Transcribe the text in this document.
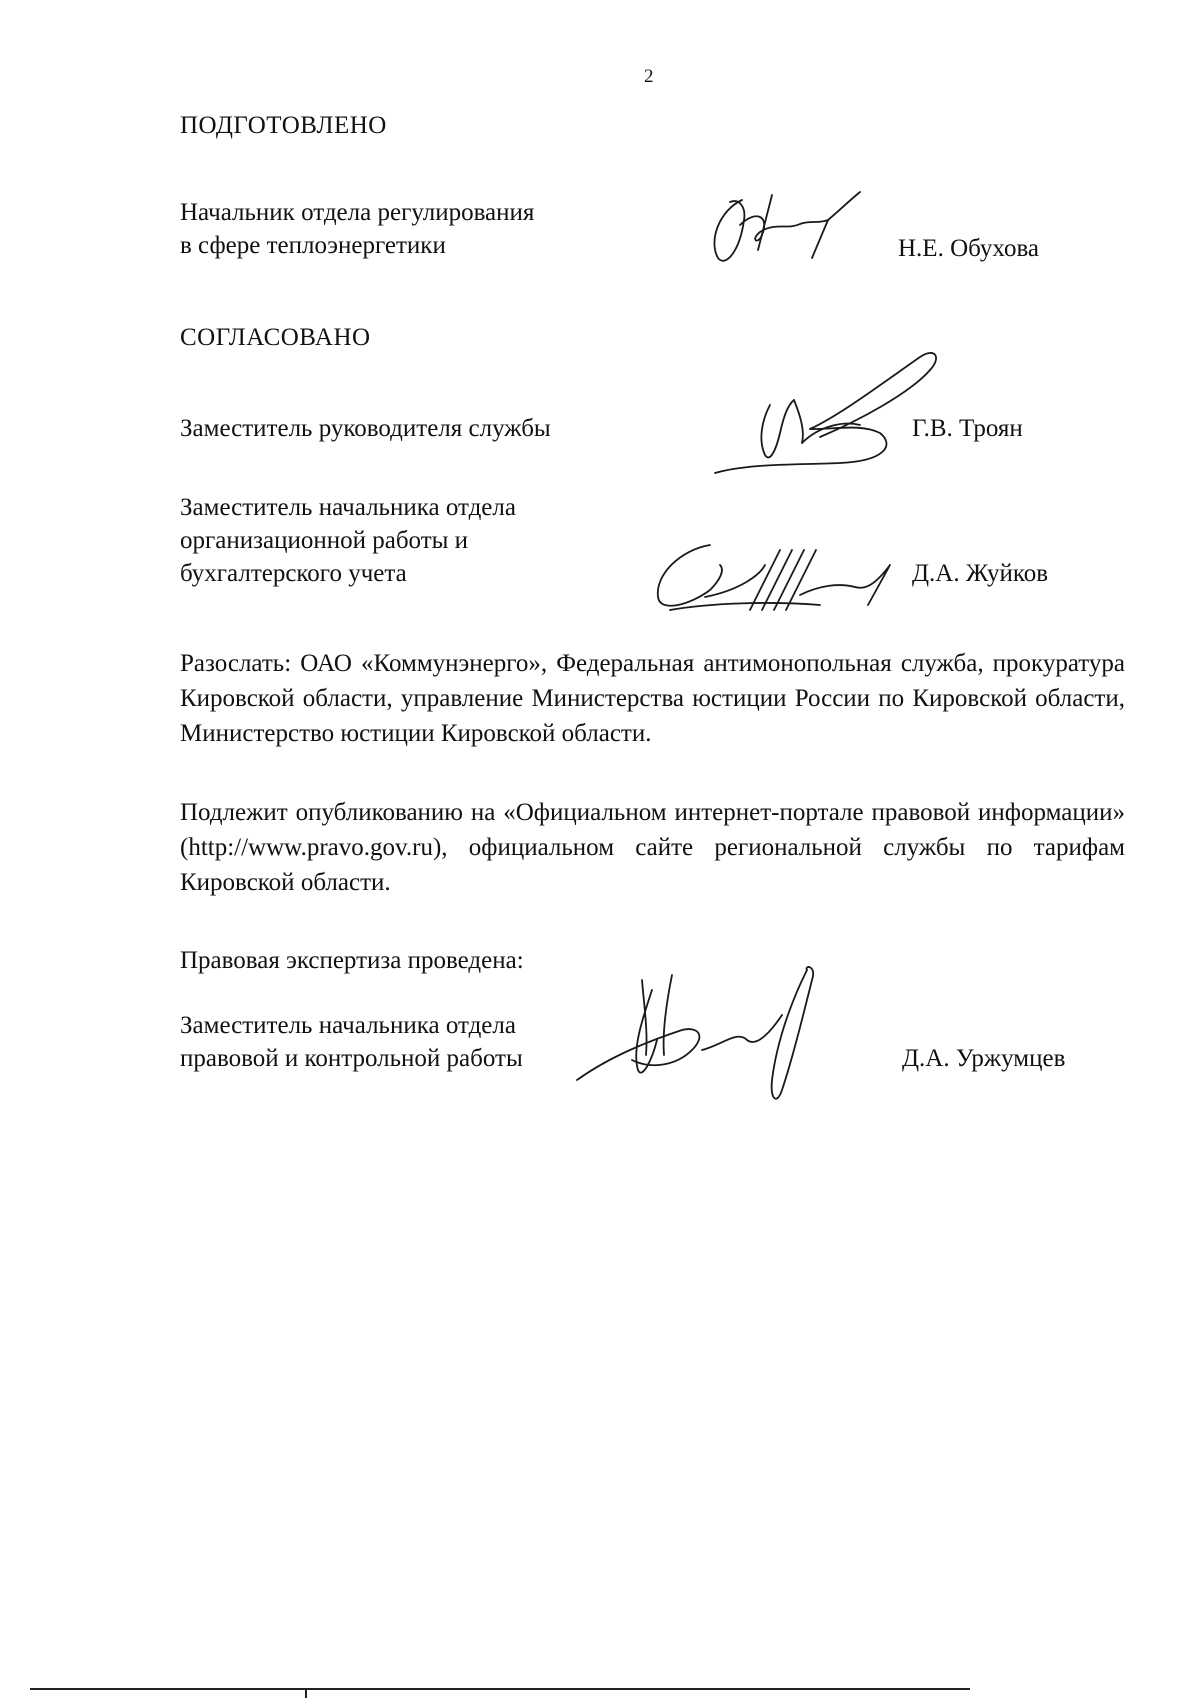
2
ПОДГОТОВЛЕНО
Начальник отдела регулирования
в сфере теплоэнергетики	Н.Е. Обухова
СОГЛАСОВАНО
Заместитель руководителя службы	Г.В. Троян
Заместитель начальника отдела
организационной работы и
бухгалтерского учета	Д.А. Жуйков
Разослать: ОАО «Коммунэнерго», Федеральная антимонопольная служба, прокуратура Кировской области, управление Министерства юстиции России по Кировской области, Министерство юстиции Кировской области.
Подлежит опубликованию на «Официальном интернет-портале правовой информации» (http://www.pravo.gov.ru), официальном сайте региональной службы по тарифам Кировской области.
Правовая экспертиза проведена:
Заместитель начальника отдела
правовой и контрольной работы	Д.А. Уржумцев
